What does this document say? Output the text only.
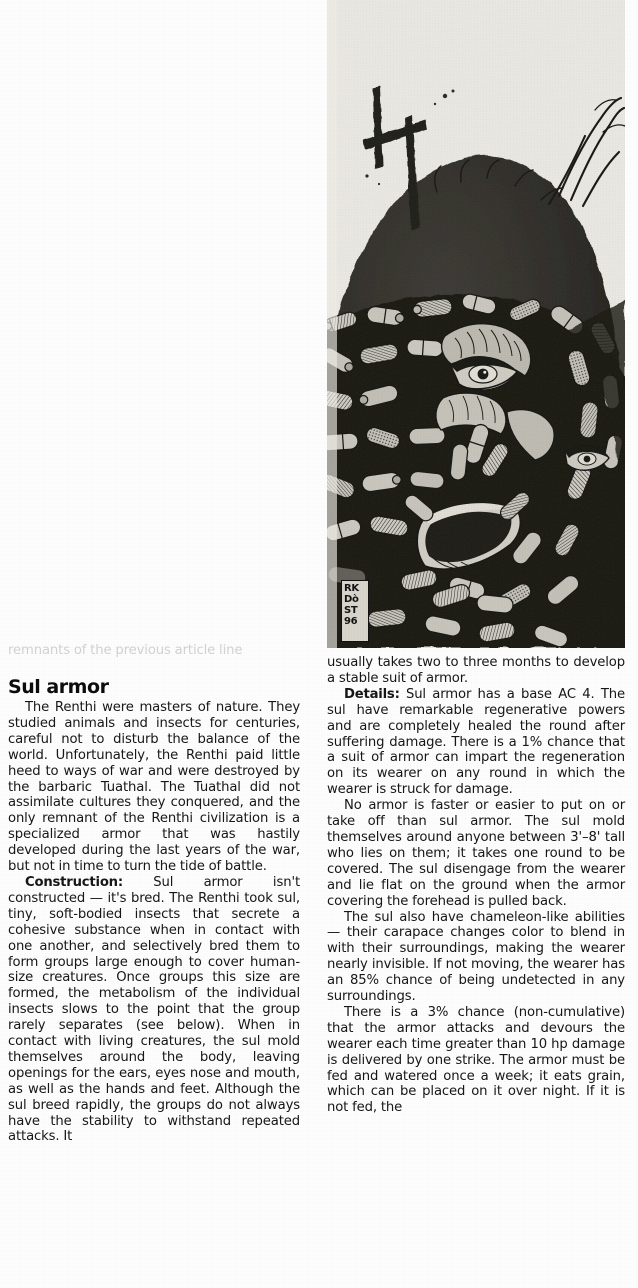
RK
Dò
ST
96
remnants of the previous article line
Sul armor

The Renthi were masters of nature. They studied animals and insects for centuries, careful not to disturb the balance of the world. Unfortunately, the Renthi paid little heed to ways of war and were destroyed by the barbaric Tuathal. The Tuathal did not assimilate cultures they conquered, and the only remnant of the Renthi civilization is a specialized armor that was hastily developed during the last years of the war, but not in time to turn the tide of battle.

Construction: Sul armor isn't constructed — it's bred. The Renthi took sul, tiny, soft-bodied insects that secrete a cohesive substance when in contact with one another, and selectively bred them to form groups large enough to cover human-size creatures. Once groups this size are formed, the metabolism of the individual insects slows to the point that the group rarely separates (see below). When in contact with living creatures, the sul mold themselves around the body, leaving openings for the ears, eyes nose and mouth, as well as the hands and feet. Although the sul breed rapidly, the groups do not always have the stability to withstand repeated attacks. It

usually takes two to three months to develop a stable suit of armor.

Details: Sul armor has a base AC 4. The sul have remarkable regenerative powers and are completely healed the round after suffering damage. There is a 1% chance that a suit of armor can impart the regeneration on its wearer on any round in which the wearer is struck for damage.

No armor is faster or easier to put on or take off than sul armor. The sul mold themselves around anyone between 3'–8' tall who lies on them; it takes one round to be covered. The sul disengage from the wearer and lie flat on the ground when the armor covering the forehead is pulled back.

The sul also have chameleon-like abilities — their carapace changes color to blend in with their surroundings, making the wearer nearly invisible. If not moving, the wearer has an 85% chance of being undetected in any surroundings.

There is a 3% chance (non-cumulative) that the armor attacks and devours the wearer each time greater than 10 hp damage is delivered by one strike. The armor must be fed and watered once a week; it eats grain, which can be placed on it over night. If it is not fed, the
